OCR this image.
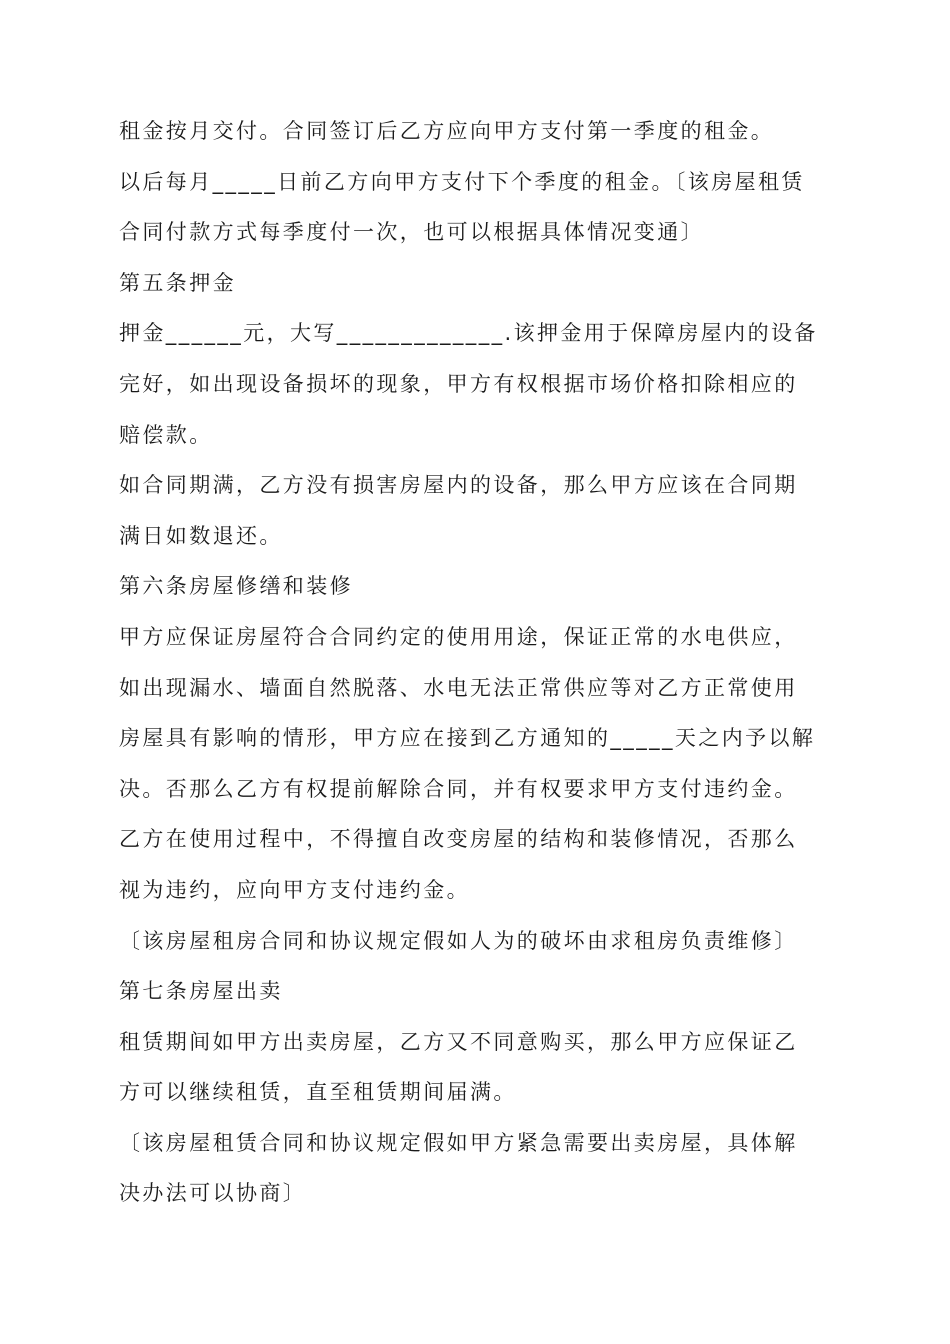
租金按月交付。合同签订后乙方应向甲方支付第一季度的租金。
以后每月_____日前乙方向甲方支付下个季度的租金。〔该房屋租赁
合同付款方式每季度付一次，也可以根据具体情况变通〕
第五条押金
押金______元，大写_____________.该押金用于保障房屋内的设备
完好，如出现设备损坏的现象，甲方有权根据市场价格扣除相应的
赔偿款。
如合同期满，乙方没有损害房屋内的设备，那么甲方应该在合同期
满日如数退还。
第六条房屋修缮和装修
甲方应保证房屋符合合同约定的使用用途，保证正常的水电供应，
如出现漏水、墙面自然脱落、水电无法正常供应等对乙方正常使用
房屋具有影响的情形，甲方应在接到乙方通知的_____天之内予以解
决。否那么乙方有权提前解除合同，并有权要求甲方支付违约金。
乙方在使用过程中，不得擅自改变房屋的结构和装修情况，否那么
视为违约，应向甲方支付违约金。
〔该房屋租房合同和协议规定假如人为的破坏由求租房负责维修〕
第七条房屋出卖
租赁期间如甲方出卖房屋，乙方又不同意购买，那么甲方应保证乙
方可以继续租赁，直至租赁期间届满。
〔该房屋租赁合同和协议规定假如甲方紧急需要出卖房屋，具体解
决办法可以协商〕
